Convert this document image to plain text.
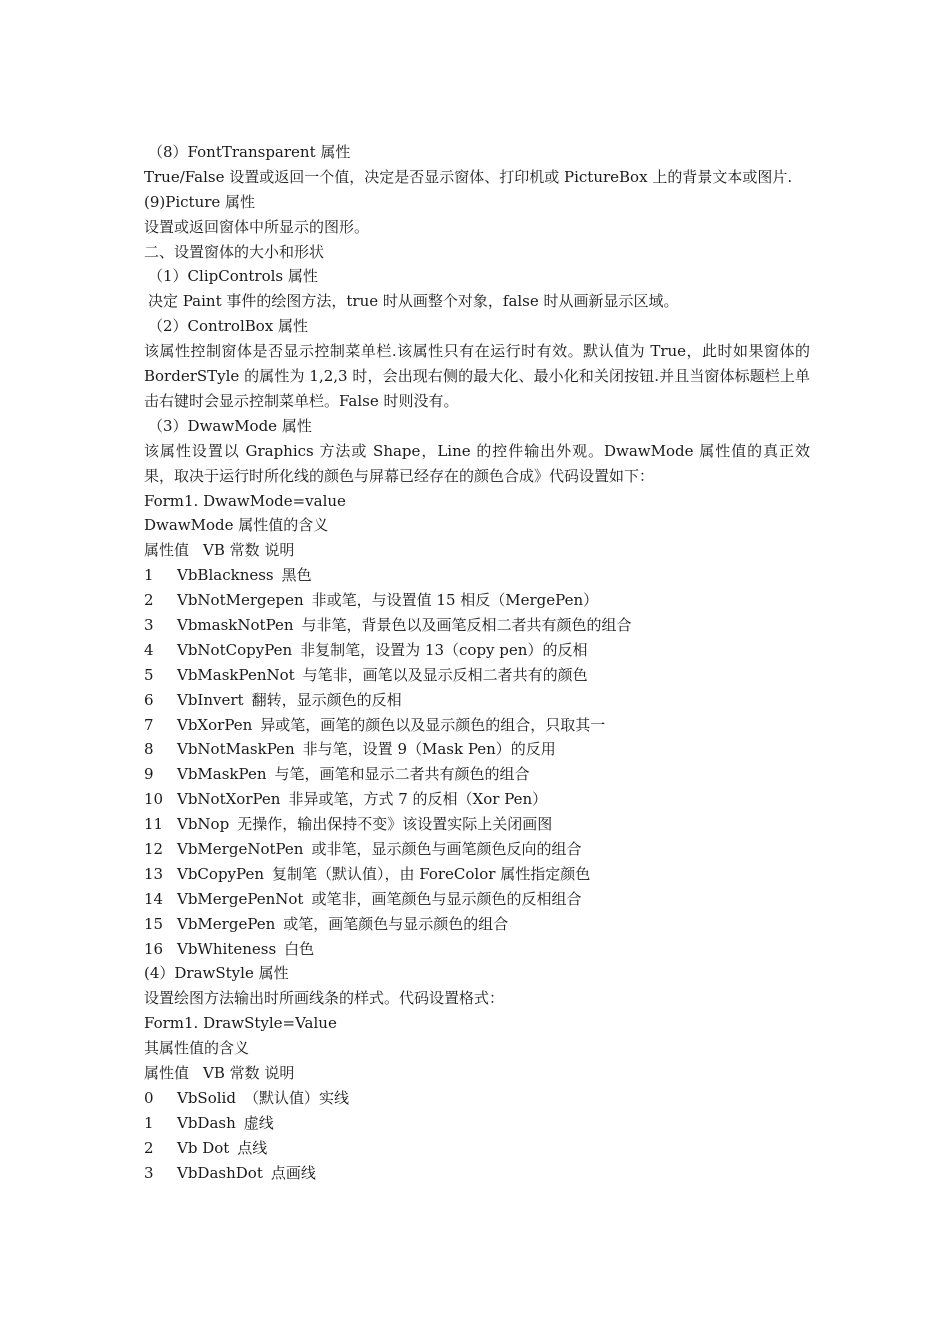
（8）FontTransparent 属性
True/False 设置或返回一个值，决定是否显示窗体、打印机或 PictureBox 上的背景文本或图片.
(9)Picture 属性
设置或返回窗体中所显示的图形。
二、设置窗体的大小和形状
（1）ClipControls 属性
决定 Paint 事件的绘图方法，true 时从画整个对象，false 时从画新显示区域。
（2）ControlBox 属性
该属性控制窗体是否显示控制菜单栏.该属性只有在运行时有效。默认值为 True，此时如果窗体的 BorderSTyle 的属性为 1,2,3 时，会出现右侧的最大化、最小化和关闭按钮.并且当窗体标题栏上单击右键时会显示控制菜单栏。False 时则没有。
（3）DwawMode 属性
该属性设置以 Graphics 方法或 Shape，Line 的控件输出外观。DwawMode 属性值的真正效果，取决于运行时所化线的颜色与屏幕已经存在的颜色合成》代码设置如下：
Form1. DwawMode=value
DwawMode 属性值的含义
属性值 VB 常数 说明
1 VbBlackness黑色
2 VbNotMergepen非或笔，与设置值 15 相反（MergePen）
3 VbmaskNotPen与非笔，背景色以及画笔反相二者共有颜色的组合
4 VbNotCopyPen非复制笔，设置为 13（copy pen）的反相
5 VbMaskPenNot与笔非，画笔以及显示反相二者共有的颜色
6 VbInvert 翻转，显示颜色的反相
7 VbXorPen异或笔，画笔的颜色以及显示颜色的组合，只取其一
8 VbNotMaskPen非与笔，设置 9（Mask Pen）的反用
9 VbMaskPen与笔，画笔和显示二者共有颜色的组合
10 VbNotXorPen 非异或笔，方式 7 的反相（Xor Pen）
11 VbNop无操作，输出保持不变》该设置实际上关闭画图
12 VbMergeNotPen或非笔，显示颜色与画笔颜色反向的组合
13 VbCopyPen复制笔（默认值），由 ForeColor 属性指定颜色
14 VbMergePenNot或笔非，画笔颜色与显示颜色的反相组合
15 VbMergePen或笔，画笔颜色与显示颜色的组合
16 VbWhiteness白色
(4）DrawStyle 属性
设置绘图方法输出时所画线条的样式。代码设置格式：
Form1. DrawStyle=Value
其属性值的含义
属性值 VB 常数 说明
0 VbSolid（默认值）实线
1 VbDash虚线
2 Vb Dot点线
3 VbDashDot点画线
